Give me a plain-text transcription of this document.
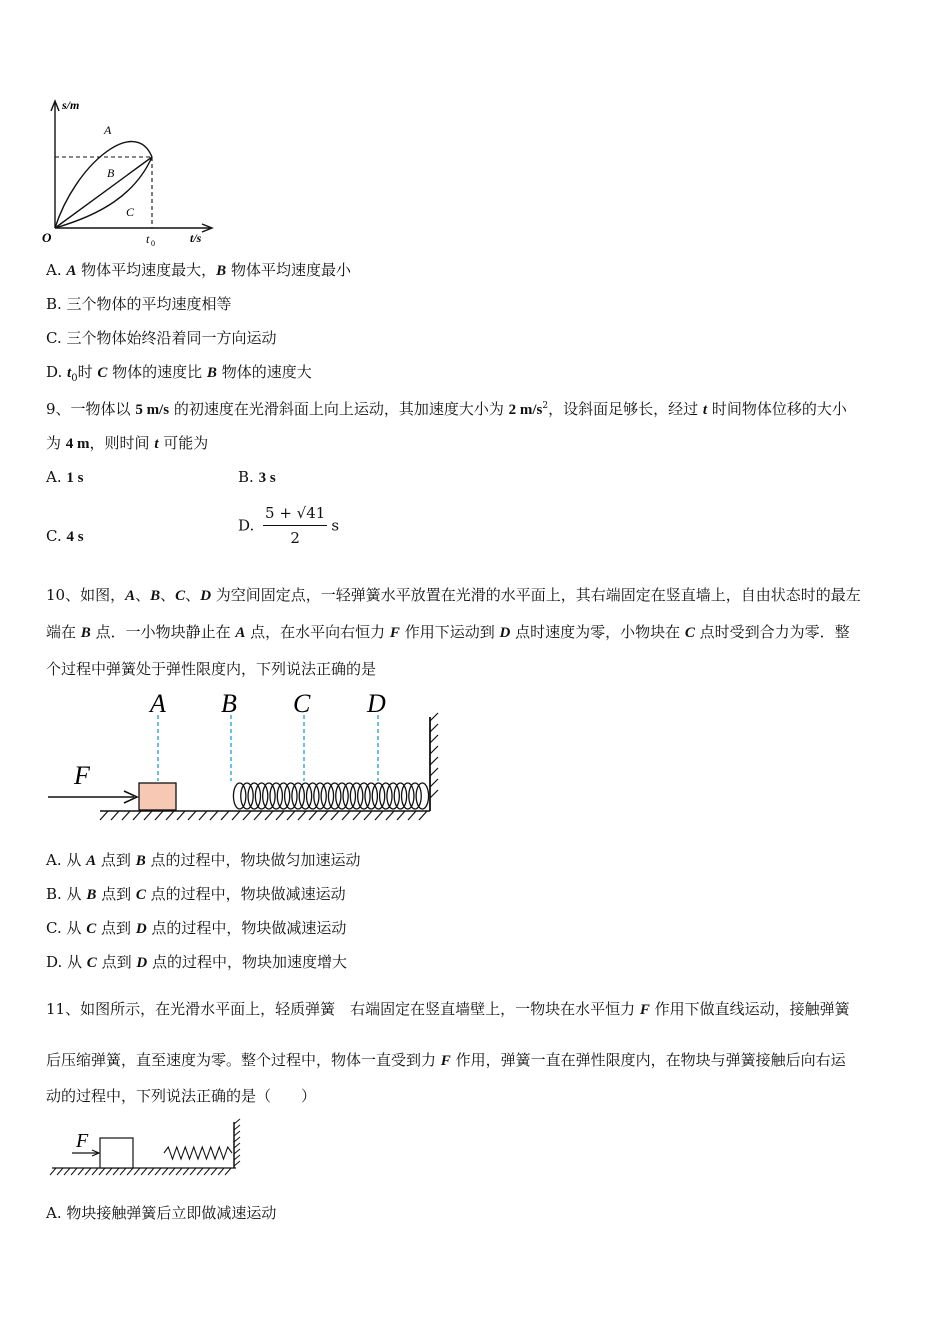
s/m
O	t 0	t/s
A
B
C
A. A 物体平均速度最大，B 物体平均速度最小
B. 三个物体的平均速度相等
C. 三个物体始终沿着同一方向运动
D. $t_0$时 C 物体的速度比 B 物体的速度大
9、一物体以 5 m/s 的初速度在光滑斜面上向上运动，其加速度大小为 2 $m/s^2$，设斜面足够长，经过 t 时间物体位移的大小
为 4 m，则时间 t 可能为
A. 1 s	B. 3 s
C. 4 s
D. $\frac{5 + √41}{2}$ s
10、如图，A、B、C、D 为空间固定点，一轻弹簧水平放置在光滑的水平面上，其右端固定在竖直墙上，自由状态时的最左
端在 B 点．一小物块静止在 A 点，在水平向右恒力 F 作用下运动到 D 点时速度为零，小物块在 C 点时受到合力为零．整
个过程中弹簧处于弹性限度内，下列说法正确的是
A B C D
F
A. 从 A 点到 B 点的过程中，物块做匀加速运动
B. 从 B 点到 C 点的过程中，物块做减速运动
C. 从 C 点到 D 点的过程中，物块做减速运动
D. 从 C 点到 D 点的过程中，物块加速度增大
11、如图所示，在光滑水平面上，轻质弹簧　右端固定在竖直墙壁上，一物块在水平恒力 F 作用下做直线运动，接触弹簧
后压缩弹簧，直至速度为零。整个过程中，物体一直受到力 F 作用，弹簧一直在弹性限度内，在物块与弹簧接触后向右运
动的过程中，下列说法正确的是（　　）
F
A. 物块接触弹簧后立即做减速运动
